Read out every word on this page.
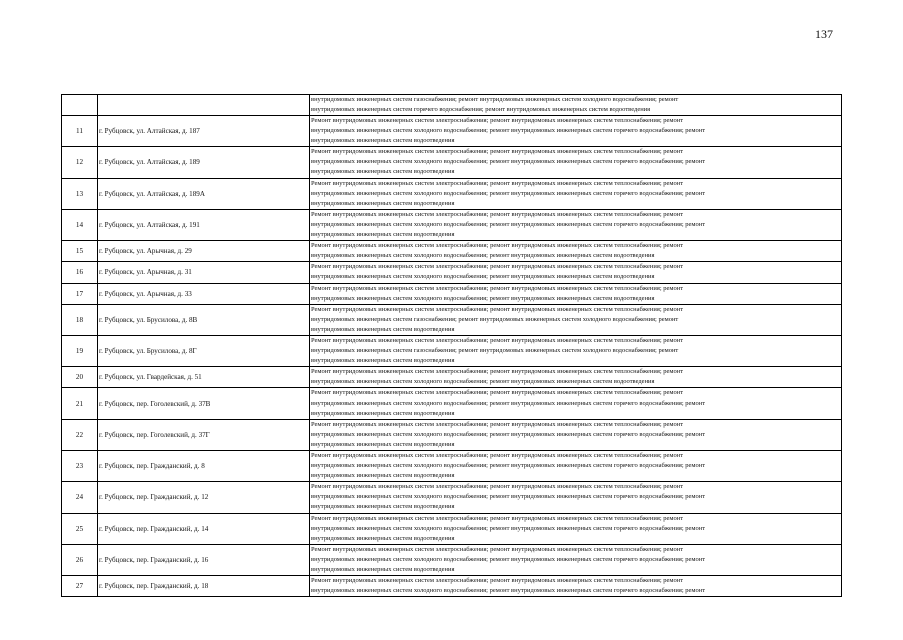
137
		внутридомовых инженерных систем газоснабжения; ремонт внутридомовых инженерных систем холодного водоснабжения; ремонт
внутридомовых инженерных систем горячего водоснабжения; ремонт внутридомовых инженерных систем водоотведения
11	г. Рубцовск, ул. Алтайская, д. 187	Ремонт внутридомовых инженерных систем электроснабжения; ремонт внутридомовых инженерных систем теплоснабжения; ремонт
внутридомовых инженерных систем холодного водоснабжения; ремонт внутридомовых инженерных систем горячего водоснабжения; ремонт
внутридомовых инженерных систем водоотведения
12	г. Рубцовск, ул. Алтайская, д. 189	Ремонт внутридомовых инженерных систем электроснабжения; ремонт внутридомовых инженерных систем теплоснабжения; ремонт
внутридомовых инженерных систем холодного водоснабжения; ремонт внутридомовых инженерных систем горячего водоснабжения; ремонт
внутридомовых инженерных систем водоотведения
13	г. Рубцовск, ул. Алтайская, д. 189А	Ремонт внутридомовых инженерных систем электроснабжения; ремонт внутридомовых инженерных систем теплоснабжения; ремонт
внутридомовых инженерных систем холодного водоснабжения; ремонт внутридомовых инженерных систем горячего водоснабжения; ремонт
внутридомовых инженерных систем водоотведения
14	г. Рубцовск, ул. Алтайская, д. 191	Ремонт внутридомовых инженерных систем электроснабжения; ремонт внутридомовых инженерных систем теплоснабжения; ремонт
внутридомовых инженерных систем холодного водоснабжения; ремонт внутридомовых инженерных систем горячего водоснабжения; ремонт
внутридомовых инженерных систем водоотведения
15	г. Рубцовск, ул. Арычная, д. 29	Ремонт внутридомовых инженерных систем электроснабжения; ремонт внутридомовых инженерных систем теплоснабжения; ремонт
внутридомовых инженерных систем холодного водоснабжения; ремонт внутридомовых инженерных систем водоотведения
16	г. Рубцовск, ул. Арычная, д. 31	Ремонт внутридомовых инженерных систем электроснабжения; ремонт внутридомовых инженерных систем теплоснабжения; ремонт
внутридомовых инженерных систем холодного водоснабжения; ремонт внутридомовых инженерных систем водоотведения
17	г. Рубцовск, ул. Арычная, д. 33	Ремонт внутридомовых инженерных систем электроснабжения; ремонт внутридомовых инженерных систем теплоснабжения; ремонт
внутридомовых инженерных систем холодного водоснабжения; ремонт внутридомовых инженерных систем водоотведения
18	г. Рубцовск, ул. Брусилова, д. 8В	Ремонт внутридомовых инженерных систем электроснабжения; ремонт внутридомовых инженерных систем теплоснабжения; ремонт
внутридомовых инженерных систем газоснабжения; ремонт внутридомовых инженерных систем холодного водоснабжения; ремонт
внутридомовых инженерных систем водоотведения
19	г. Рубцовск, ул. Брусилова, д. 8Г	Ремонт внутридомовых инженерных систем электроснабжения; ремонт внутридомовых инженерных систем теплоснабжения; ремонт
внутридомовых инженерных систем газоснабжения; ремонт внутридомовых инженерных систем холодного водоснабжения; ремонт
внутридомовых инженерных систем водоотведения
20	г. Рубцовск, ул. Гвардейская, д. 51	Ремонт внутридомовых инженерных систем электроснабжения; ремонт внутридомовых инженерных систем теплоснабжения; ремонт
внутридомовых инженерных систем холодного водоснабжения; ремонт внутридомовых инженерных систем водоотведения
21	г. Рубцовск, пер. Гоголевский, д. 37В	Ремонт внутридомовых инженерных систем электроснабжения; ремонт внутридомовых инженерных систем теплоснабжения; ремонт
внутридомовых инженерных систем холодного водоснабжения; ремонт внутридомовых инженерных систем горячего водоснабжения; ремонт
внутридомовых инженерных систем водоотведения
22	г. Рубцовск, пер. Гоголевский, д. 37Г	Ремонт внутридомовых инженерных систем электроснабжения; ремонт внутридомовых инженерных систем теплоснабжения; ремонт
внутридомовых инженерных систем холодного водоснабжения; ремонт внутридомовых инженерных систем горячего водоснабжения; ремонт
внутридомовых инженерных систем водоотведения
23	г. Рубцовск, пер. Гражданский, д. 8	Ремонт внутридомовых инженерных систем электроснабжения; ремонт внутридомовых инженерных систем теплоснабжения; ремонт
внутридомовых инженерных систем холодного водоснабжения; ремонт внутридомовых инженерных систем горячего водоснабжения; ремонт
внутридомовых инженерных систем водоотведения
24	г. Рубцовск, пер. Гражданский, д. 12	Ремонт внутридомовых инженерных систем электроснабжения; ремонт внутридомовых инженерных систем теплоснабжения; ремонт
внутридомовых инженерных систем холодного водоснабжения; ремонт внутридомовых инженерных систем горячего водоснабжения; ремонт
внутридомовых инженерных систем водоотведения
25	г. Рубцовск, пер. Гражданский, д. 14	Ремонт внутридомовых инженерных систем электроснабжения; ремонт внутридомовых инженерных систем теплоснабжения; ремонт
внутридомовых инженерных систем холодного водоснабжения; ремонт внутридомовых инженерных систем горячего водоснабжения; ремонт
внутридомовых инженерных систем водоотведения
26	г. Рубцовск, пер. Гражданский, д. 16	Ремонт внутридомовых инженерных систем электроснабжения; ремонт внутридомовых инженерных систем теплоснабжения; ремонт
внутридомовых инженерных систем холодного водоснабжения; ремонт внутридомовых инженерных систем горячего водоснабжения; ремонт
внутридомовых инженерных систем водоотведения
27	г. Рубцовск, пер. Гражданский, д. 18	Ремонт внутридомовых инженерных систем электроснабжения; ремонт внутридомовых инженерных систем теплоснабжения; ремонт
внутридомовых инженерных систем холодного водоснабжения; ремонт внутридомовых инженерных систем горячего водоснабжения; ремонт
